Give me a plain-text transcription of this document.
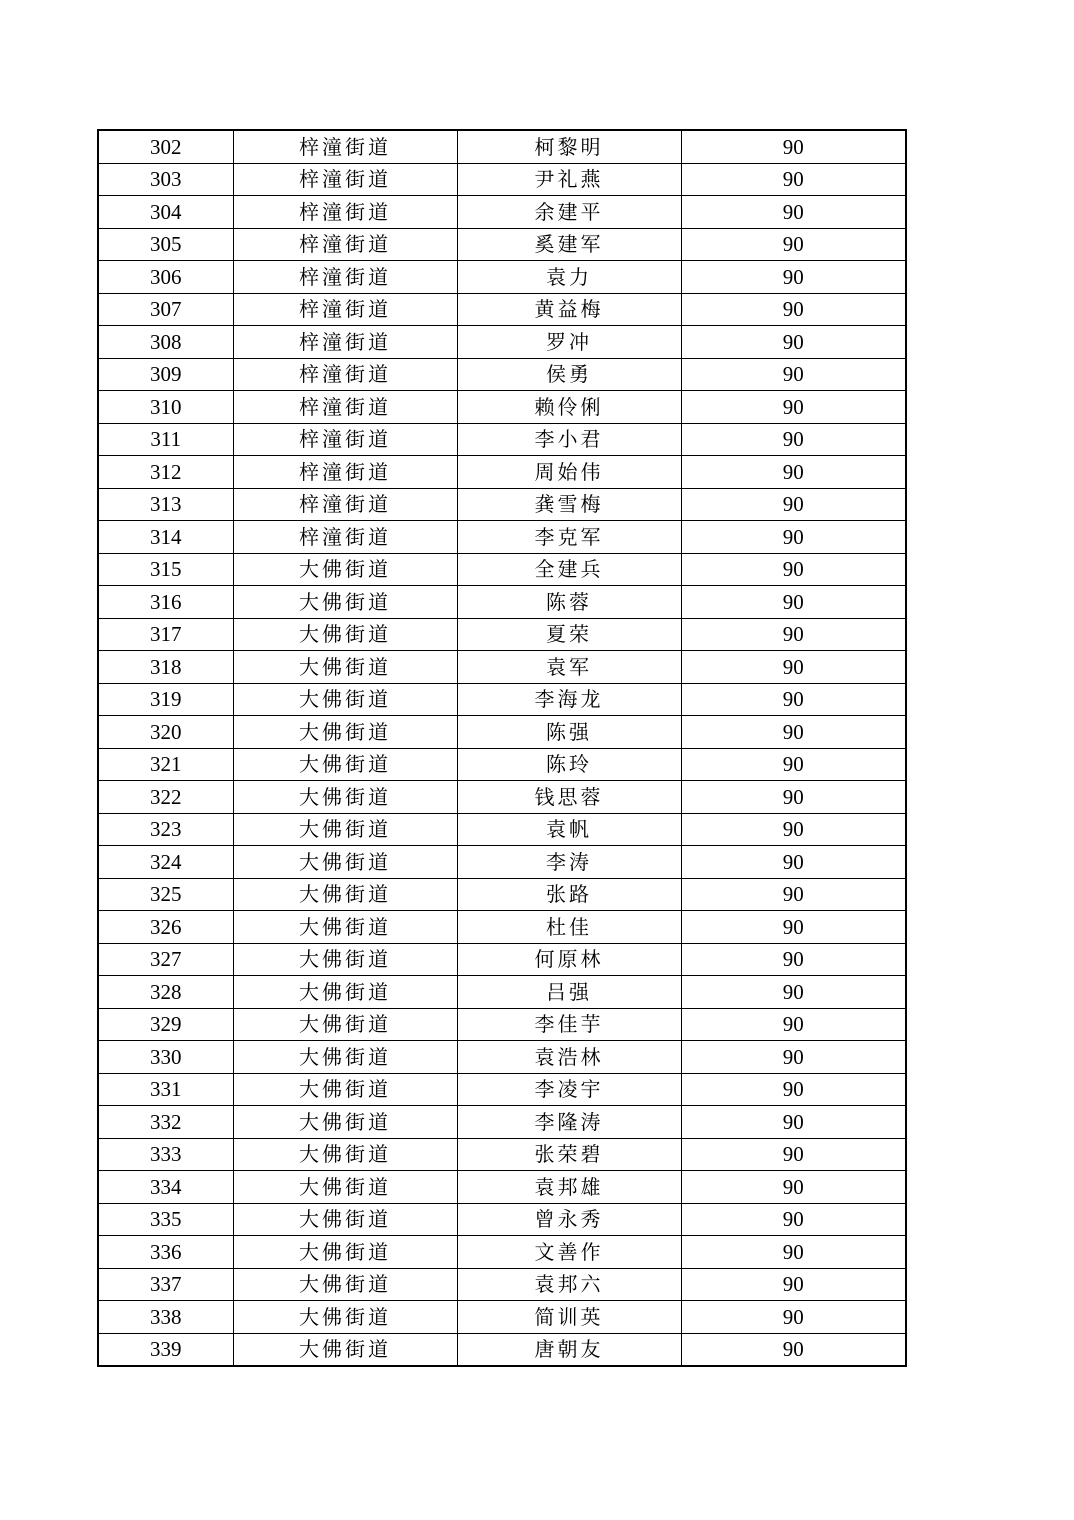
302	梓潼街道	柯黎明	90
303	梓潼街道	尹礼燕	90
304	梓潼街道	余建平	90
305	梓潼街道	奚建军	90
306	梓潼街道	袁力	90
307	梓潼街道	黄益梅	90
308	梓潼街道	罗冲	90
309	梓潼街道	侯勇	90
310	梓潼街道	赖伶俐	90
311	梓潼街道	李小君	90
312	梓潼街道	周始伟	90
313	梓潼街道	龚雪梅	90
314	梓潼街道	李克军	90
315	大佛街道	全建兵	90
316	大佛街道	陈蓉	90
317	大佛街道	夏荣	90
318	大佛街道	袁军	90
319	大佛街道	李海龙	90
320	大佛街道	陈强	90
321	大佛街道	陈玲	90
322	大佛街道	钱思蓉	90
323	大佛街道	袁帆	90
324	大佛街道	李涛	90
325	大佛街道	张路	90
326	大佛街道	杜佳	90
327	大佛街道	何原林	90
328	大佛街道	吕强	90
329	大佛街道	李佳芋	90
330	大佛街道	袁浩林	90
331	大佛街道	李凌宇	90
332	大佛街道	李隆涛	90
333	大佛街道	张荣碧	90
334	大佛街道	袁邦雄	90
335	大佛街道	曾永秀	90
336	大佛街道	文善作	90
337	大佛街道	袁邦六	90
338	大佛街道	简训英	90
339	大佛街道	唐朝友	90
